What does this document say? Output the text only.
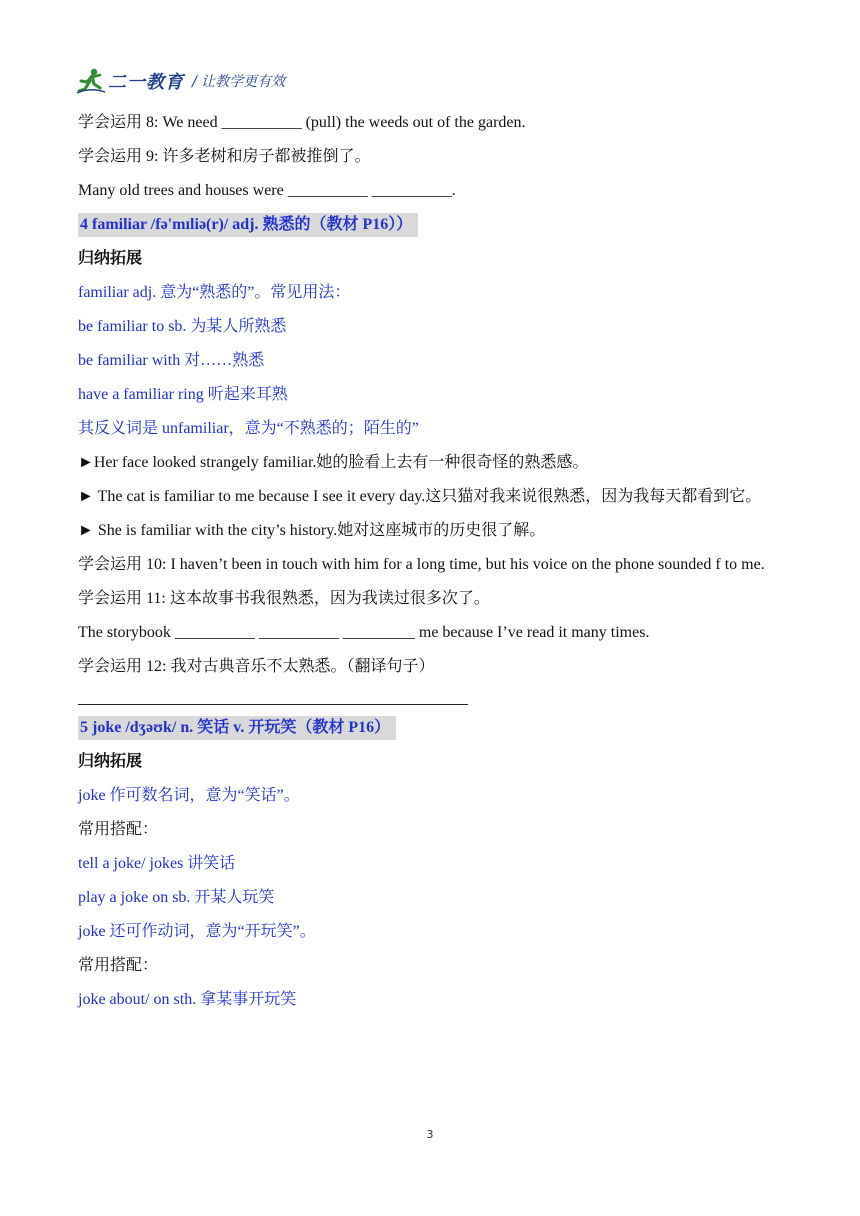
二一教育 / 让教学更有效
学会运用 8: We need __________ (pull) the weeds out of the garden.
学会运用 9: 许多老树和房子都被推倒了。
Many old trees and houses were __________ __________.
4 familiar /fə'mɪliə(r)/ adj. 熟悉的（教材 P16））
归纳拓展
familiar adj. 意为“熟悉的”。常见用法：
be familiar to sb. 为某人所熟悉
be familiar with 对……熟悉
have a familiar ring 听起来耳熟
其反义词是 unfamiliar，意为“不熟悉的；陌生的”
►Her face looked strangely familiar.她的脸看上去有一种很奇怪的熟悉感。
► The cat is familiar to me because I see it every day.这只猫对我来说很熟悉，因为我每天都看到它。
► She is familiar with the city’s history.她对这座城市的历史很了解。
学会运用 10: I haven’t been in touch with him for a long time, but his voice on the phone sounded f to me.
学会运用 11: 这本故事书我很熟悉，因为我读过很多次了。
The storybook __________ __________ _________ me because I’ve read it many times.
学会运用 12: 我对古典音乐不太熟悉。（翻译句子）
5 joke /dʒəʊk/ n. 笑话 v. 开玩笑（教材 P16）
归纳拓展
joke 作可数名词，意为“笑话”。
常用搭配：
tell a joke/ jokes 讲笑话
play a joke on sb. 开某人玩笑
joke 还可作动词，意为“开玩笑”。
常用搭配：
joke about/ on sth. 拿某事开玩笑
3
